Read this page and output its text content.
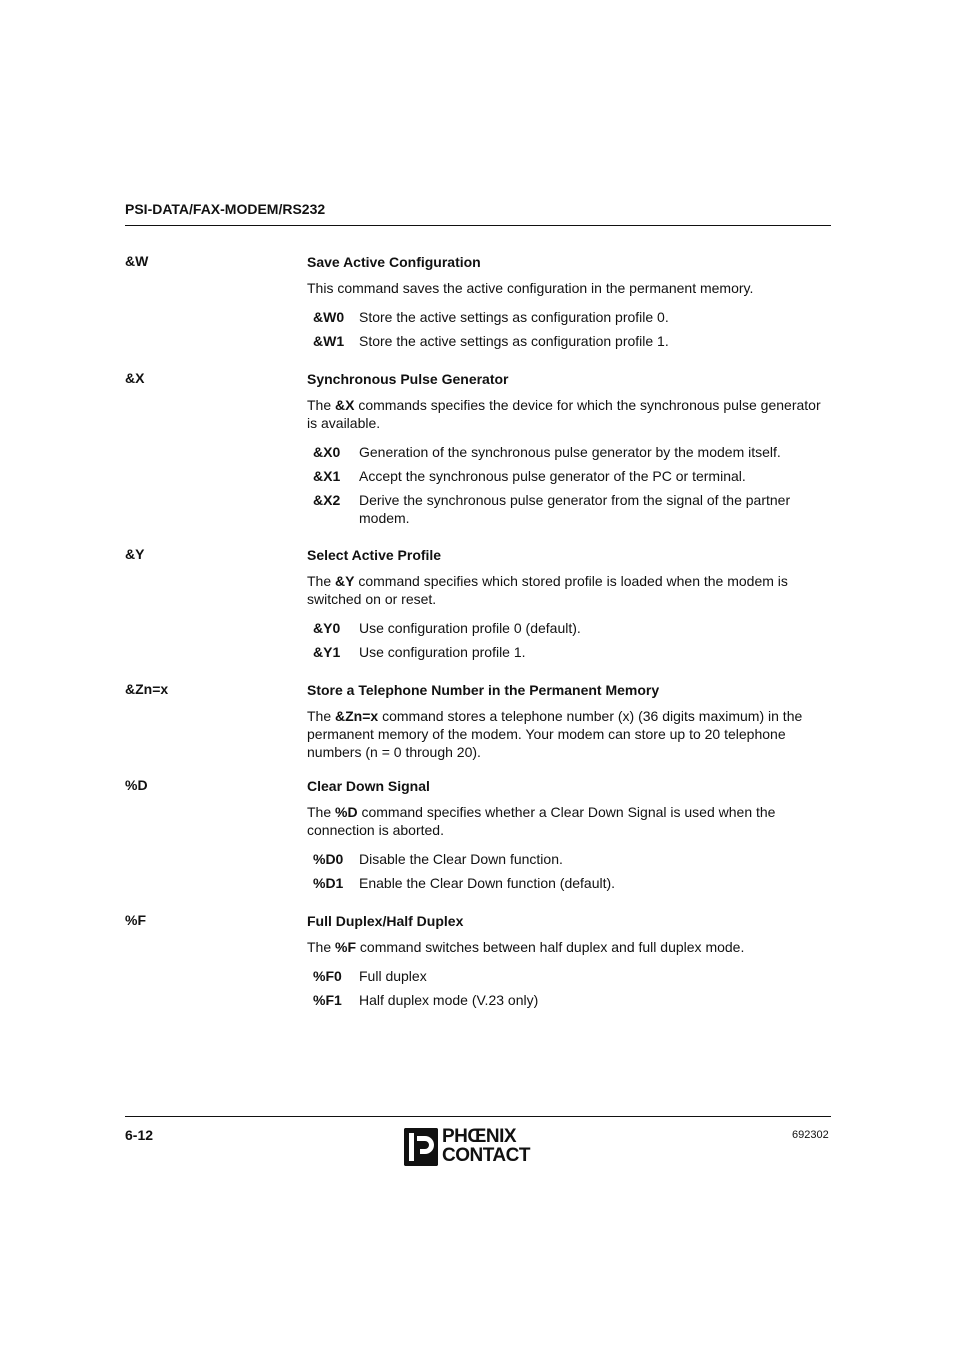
PSI-DATA/FAX-MODEM/RS232
&W	Save Active Configuration

This command saves the active configuration in the permanent memory.

&W0	Store the active settings as configuration profile 0.
&W1	Store the active settings as configuration profile 1.
&X	Synchronous Pulse Generator

The &X commands specifies the device for which the synchronous pulse generator is available.

&X0	Generation of the synchronous pulse generator by the modem itself.
&X1	Accept the synchronous pulse generator of the PC or terminal.
&X2	Derive the synchronous pulse generator from the signal of the partner modem.
&Y	Select Active Profile

The &Y command specifies which stored profile is loaded when the modem is switched on or reset.

&Y0	Use configuration profile 0 (default).
&Y1	Use configuration profile 1.
&Zn=x	Store a Telephone Number in the Permanent Memory

The &Zn=x command stores a telephone number (x) (36 digits maximum) in the permanent memory of the modem. Your modem can store up to 20 telephone numbers (n = 0 through 20).

%D	Clear Down Signal

The %D command specifies whether a Clear Down Signal is used when the connection is aborted.

%D0	Disable the Clear Down function.
%D1	Enable the Clear Down function (default).
%F	Full Duplex/Half Duplex

The %F command switches between half duplex and full duplex mode.

%F0	Full duplex
%F1	Half duplex mode (V.23 only)
6-12	PHŒNIX
CONTACT
692302
